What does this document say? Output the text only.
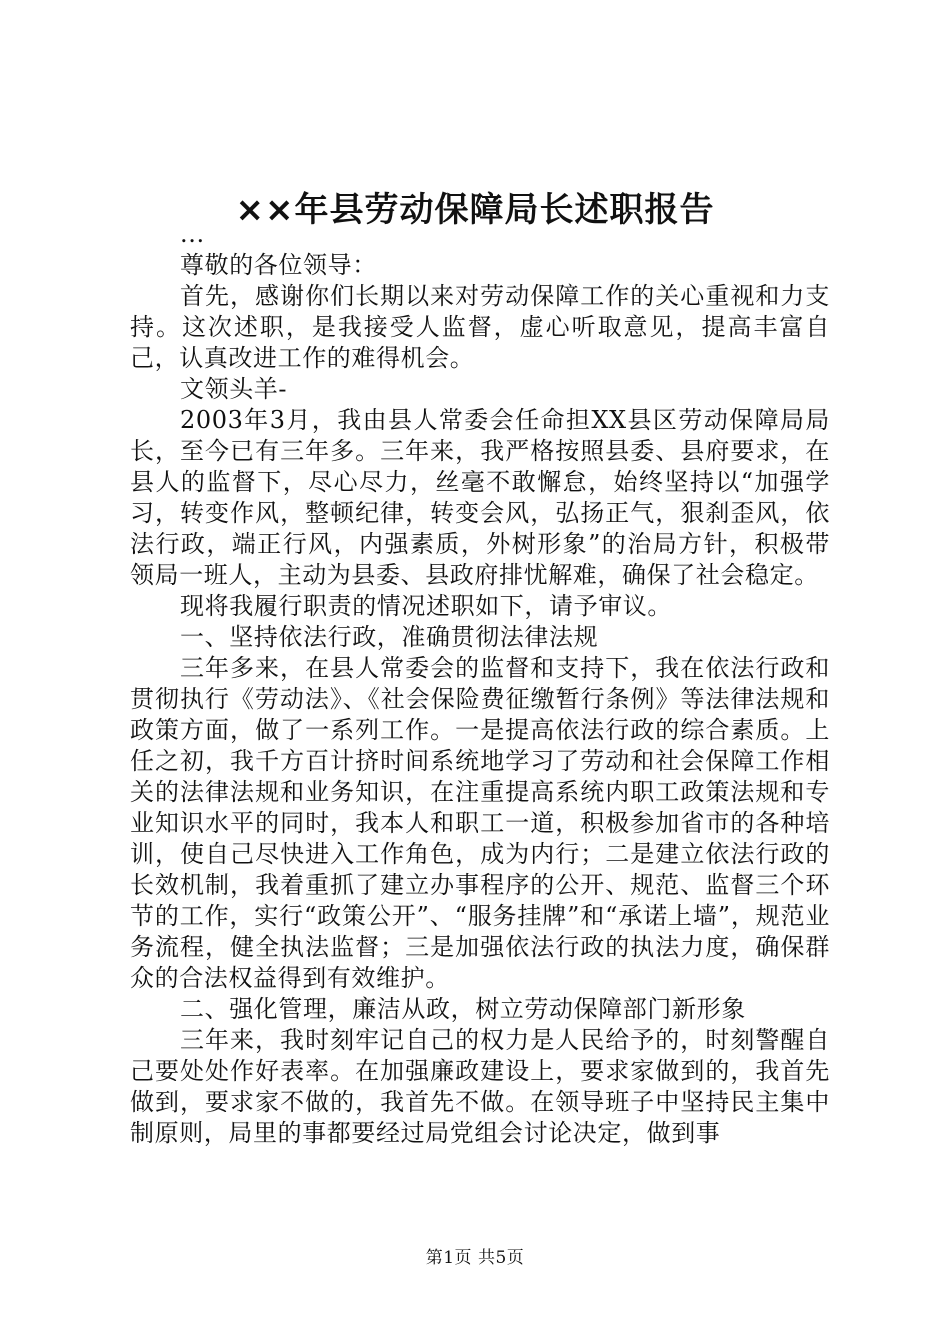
××年县劳动保障局长述职报告

...

尊敬的各位领导：

首先，感谢你们长期以来对劳动保障工作的关心重视和力支持。这次述职，是我接受人监督，虚心听取意见，提高丰富自己，认真改进工作的难得机会。

文领头羊-

2003年3月，我由县人常委会任命担XX县区劳动保障局局长，至今已有三年多。三年来，我严格按照县委、县府要求，在县人的监督下，尽心尽力，丝毫不敢懈怠，始终坚持以“加强学习，转变作风，整顿纪律，转变会风，弘扬正气，狠刹歪风，依法行政，端正行风，内强素质，外树形象”的治局方针，积极带领局一班人，主动为县委、县政府排忧解难，确保了社会稳定。

现将我履行职责的情况述职如下，请予审议。

一、坚持依法行政，准确贯彻法律法规

三年多来，在县人常委会的监督和支持下，我在依法行政和贯彻执行《劳动法》、《社会保险费征缴暂行条例》等法律法规和政策方面，做了一系列工作。一是提高依法行政的综合素质。上任之初，我千方百计挤时间系统地学习了劳动和社会保障工作相关的法律法规和业务知识，在注重提高系统内职工政策法规和专业知识水平的同时，我本人和职工一道，积极参加省市的各种培训，使自己尽快进入工作角色，成为内行；二是建立依法行政的长效机制，我着重抓了建立办事程序的公开、规范、监督三个环节的工作，实行“政策公开”、“服务挂牌”和“承诺上墙”，规范业务流程，健全执法监督；三是加强依法行政的执法力度，确保群众的合法权益得到有效维护。

二、强化管理，廉洁从政，树立劳动保障部门新形象

三年来，我时刻牢记自己的权力是人民给予的，时刻警醒自己要处处作好表率。在加强廉政建设上，要求家做到的，我首先做到，要求家不做的，我首先不做。在领导班子中坚持民主集中制原则，局里的事都要经过局党组会讨论决定，做到事

第1页 共5页
